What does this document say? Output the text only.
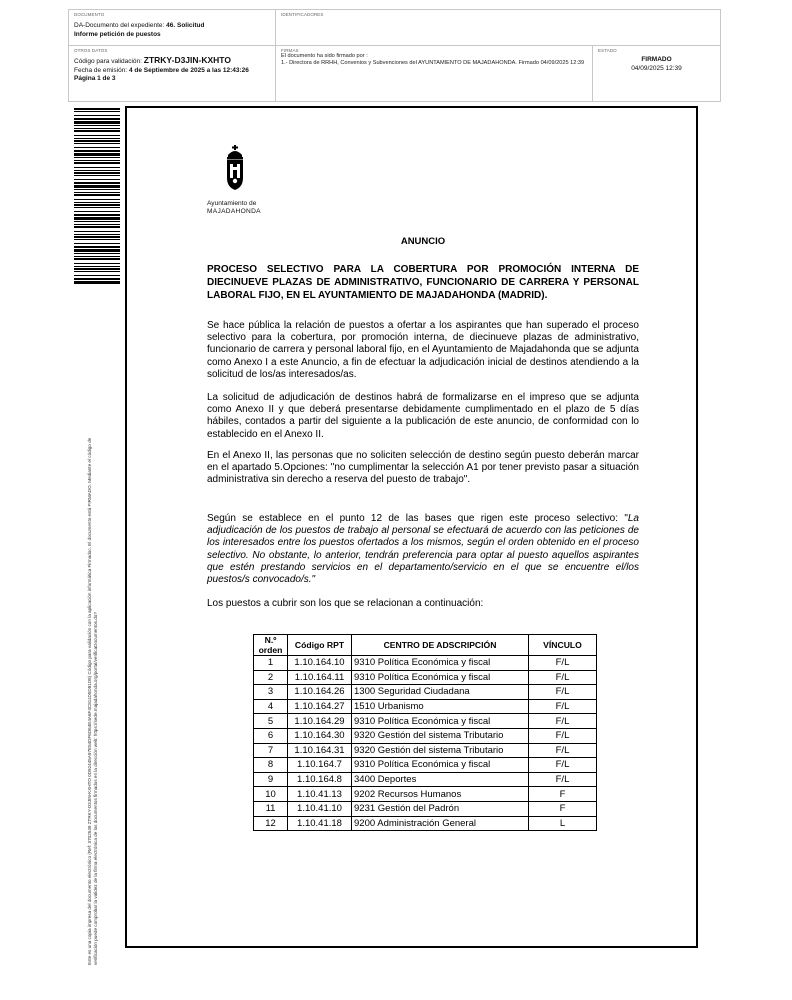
DOCUMENTO
DA-Documento del expediente: 46. Solicitud
Informe petición de puestos
IDENTIFICADORES
OTROS DATOS
Código para validación: ZTRKY-D3JIN-KXHTO
Fecha de emisión: 4 de Septiembre de 2025 a las 12:43:26
Página 1 de 3
FIRMAS
El documento ha sido firmado por :
1.- Directora de RRHH, Convenios y Subvenciones del AYUNTAMIENTO DE MAJADAHONDA. Firmado 04/09/2025 12:39
ESTADO
FIRMADO
04/09/2025 12:39
Este es una copia impresa del documento electrónico (Ref: 3702549 ZTRKY-D3JIN-KXHTO 0D92445A97E54DF6D64E4A6F4C811D5D81D8) Código para validación con la aplicación informática Firmadoc. El documento está FIRMADO. Mediante el código de verificación puede comprobar la validez de la firma electrónica de los documentos firmados en la dirección web: https://sede.majadahonda.org/portal/verificaDocumentos.do?
Ayuntamiento de
MAJADAHONDA
ANUNCIO
PROCESO SELECTIVO PARA LA COBERTURA POR PROMOCIÓN INTERNA DE DIECINUEVE PLAZAS DE ADMINISTRATIVO, FUNCIONARIO DE CARRERA Y PERSONAL LABORAL FIJO, EN EL AYUNTAMIENTO DE MAJADAHONDA (MADRID).
Se hace pública la relación de puestos a ofertar a los aspirantes que han superado el proceso selectivo para la cobertura, por promoción interna, de diecinueve plazas de administrativo, funcionario de carrera y personal laboral fijo, en el Ayuntamiento de Majadahonda que se adjunta como Anexo I a este Anuncio, a fin de efectuar la adjudicación inicial de destinos atendiendo a la solicitud de los/as interesados/as.
La solicitud de adjudicación de destinos habrá de formalizarse en el impreso que se adjunta como Anexo II y que deberá presentarse debidamente cumplimentado en el plazo de 5 días hábiles, contados a partir del siguiente a la publicación de este anuncio, de conformidad con lo establecido en el Anexo II.
En el Anexo II, las personas que no soliciten selección de destino según puesto deberán marcar en el apartado 5.Opciones: "no cumplimentar la selección A1 por tener previsto pasar a situación administrativa sin derecho a reserva del puesto de trabajo".
Según se establece en el punto 12 de las bases que rigen este proceso selectivo: "La adjudicación de los puestos de trabajo al personal se efectuará de acuerdo con las peticiones de los interesados entre los puestos ofertados a los mismos, según el orden obtenido en el proceso selectivo. No obstante, lo anterior, tendrán preferencia para optar al puesto aquellos aspirantes que estén prestando servicios en el departamento/servicio en el que se encuentre el/los puestos/s convocado/s."
Los puestos a cubrir son los que se relacionan a continuación:
N.º orden	Código RPT	CENTRO DE ADSCRIPCIÓN	VÍNCULO
1	1.10.164.10	9310 Política Económica y fiscal	F/L
2	1.10.164.11	9310 Política Económica y fiscal	F/L
3	1.10.164.26	1300 Seguridad Ciudadana	F/L
4	1.10.164.27	1510 Urbanismo	F/L
5	1.10.164.29	9310 Política Económica y fiscal	F/L
6	1.10.164.30	9320 Gestión del sistema Tributario	F/L
7	1.10.164.31	9320 Gestión del sistema Tributario	F/L
8	1.10.164.7	9310 Política Económica y fiscal	F/L
9	1.10.164.8	3400 Deportes	F/L
10	1.10.41.13	9202 Recursos Humanos	F
11	1.10.41.10	9231 Gestión del Padrón	F
12	1.10.41.18	9200 Administración General	L
